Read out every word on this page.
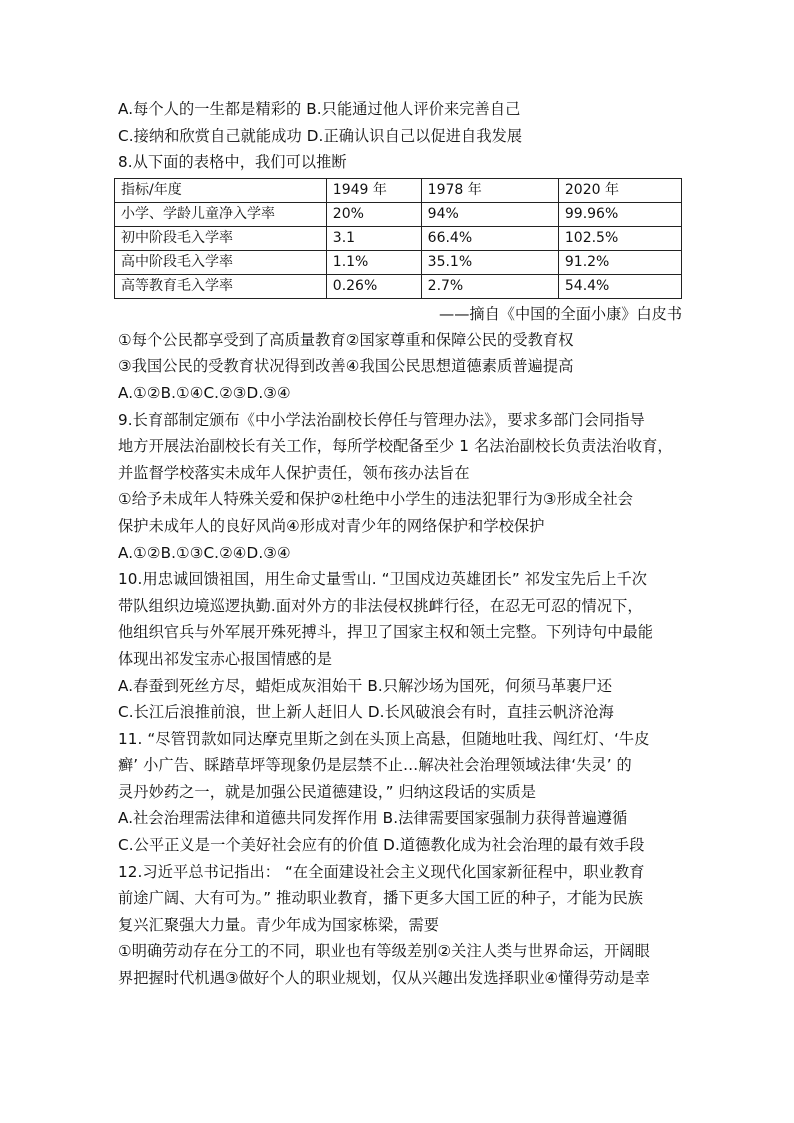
A.每个人的一生都是精彩的 B.只能通过他人评价来完善自己
C.接纳和欣赏自己就能成功 D.正确认识自己以促进自我发展
8.从下面的表格中，我们可以推断
指标/年度	1949 年	1978 年	2020 年
小学、学龄儿童净入学率	20%	94%	99.96%
初中阶段毛入学率	3.1	66.4%	102.5%
高中阶段毛入学率	1.1%	35.1%	91.2%
高等教育毛入学率	0.26%	2.7%	54.4%
——摘自《中国的全面小康》白皮书
①每个公民都享受到了高质量教育②国家尊重和保障公民的受教育权
③我国公民的受教育状况得到改善④我国公民思想道德素质普遍提高
A.①②B.①④C.②③D.③④
9.长育部制定颁布《中小学法治副校长停任与管理办法》，要求多部门会同指导
地方开展法治副校长有关工作，每所学校配备至少 1 名法治副校长负责法治收育，
并监督学校落实未成年人保护责任，领布孩办法旨在
①给予未成年人特殊关爱和保护②杜绝中小学生的违法犯罪行为③形成全社会
保护未成年人的良好风尚④形成对青少年的网络保护和学校保护
A.①②B.①③C.②④D.③④
10.用忠诚回馈祖国，用生命丈量雪山. “卫国戍边英雄团长” 祁发宝先后上千次
带队组织边境巡逻执勤.面对外方的非法侵权挑衅行径，在忍无可忍的情况下，
他组织官兵与外军展开殊死搏斗，捍卫了国家主权和领土完整。下列诗句中最能
体现出祁发宝赤心报国情感的是
A.春蚕到死丝方尽，蜡炬成灰泪始干 B.只解沙场为国死，何须马革裹尸还
C.长江后浪推前浪，世上新人赶旧人 D.长风破浪会有时，直挂云帆济沧海
11. “尽管罚款如同达摩克里斯之剑在头顶上高悬，但随地吐我、闯红灯、‘牛皮
癣’ 小广告、睬踏草坪等现象仍是层禁不止…解决社会治理领域法律‘失灵’ 的
灵丹妙药之一，就是加强公民道德建设，” 归纳这段话的实质是
A.社会治理需法律和道德共同发挥作用 B.法律需要国家强制力获得普遍遵循
C.公平正义是一个美好社会应有的价值 D.道德教化成为社会治理的最有效手段
12.习近平总书记指出： “在全面建设社会主义现代化国家新征程中，职业教育
前途广阔、大有可为。” 推动职业教育，播下更多大国工匠的种子，才能为民族
复兴汇聚强大力量。青少年成为国家栋梁，需要
①明确劳动存在分工的不同，职业也有等级差别②关注人类与世界命运，开阔眼
界把握时代机遇③做好个人的职业规划，仅从兴趣出发选择职业④懂得劳动是幸
